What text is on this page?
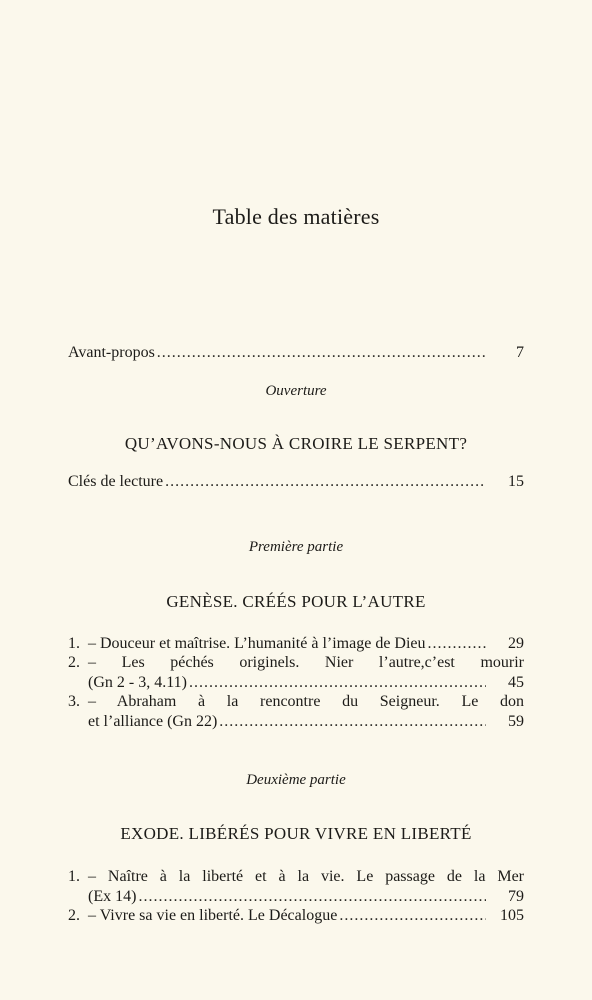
Table des matières
Avant-propos .....	7
Ouverture
QU’AVONS-NOUS À CROIRE LE SERPENT?
Clés de lecture .....	15
Première partie
GENÈSE. CRÉÉS POUR L’AUTRE
1. – Douceur et maîtrise. L’humanité à l’image de Dieu .....	29
2. – Les péchés originels. Nier l’autre,c’est mourir
(Gn 2 - 3, 4.11) .....	45
3. – Abraham à la rencontre du Seigneur. Le don
et l’alliance (Gn 22) .....	59
Deuxième partie
EXODE. LIBÉRÉS POUR VIVRE EN LIBERTÉ
1. – Naître à la liberté et à la vie. Le passage de la Mer
(Ex 14) .....	79
2. – Vivre sa vie en liberté. Le Décalogue .....	105
